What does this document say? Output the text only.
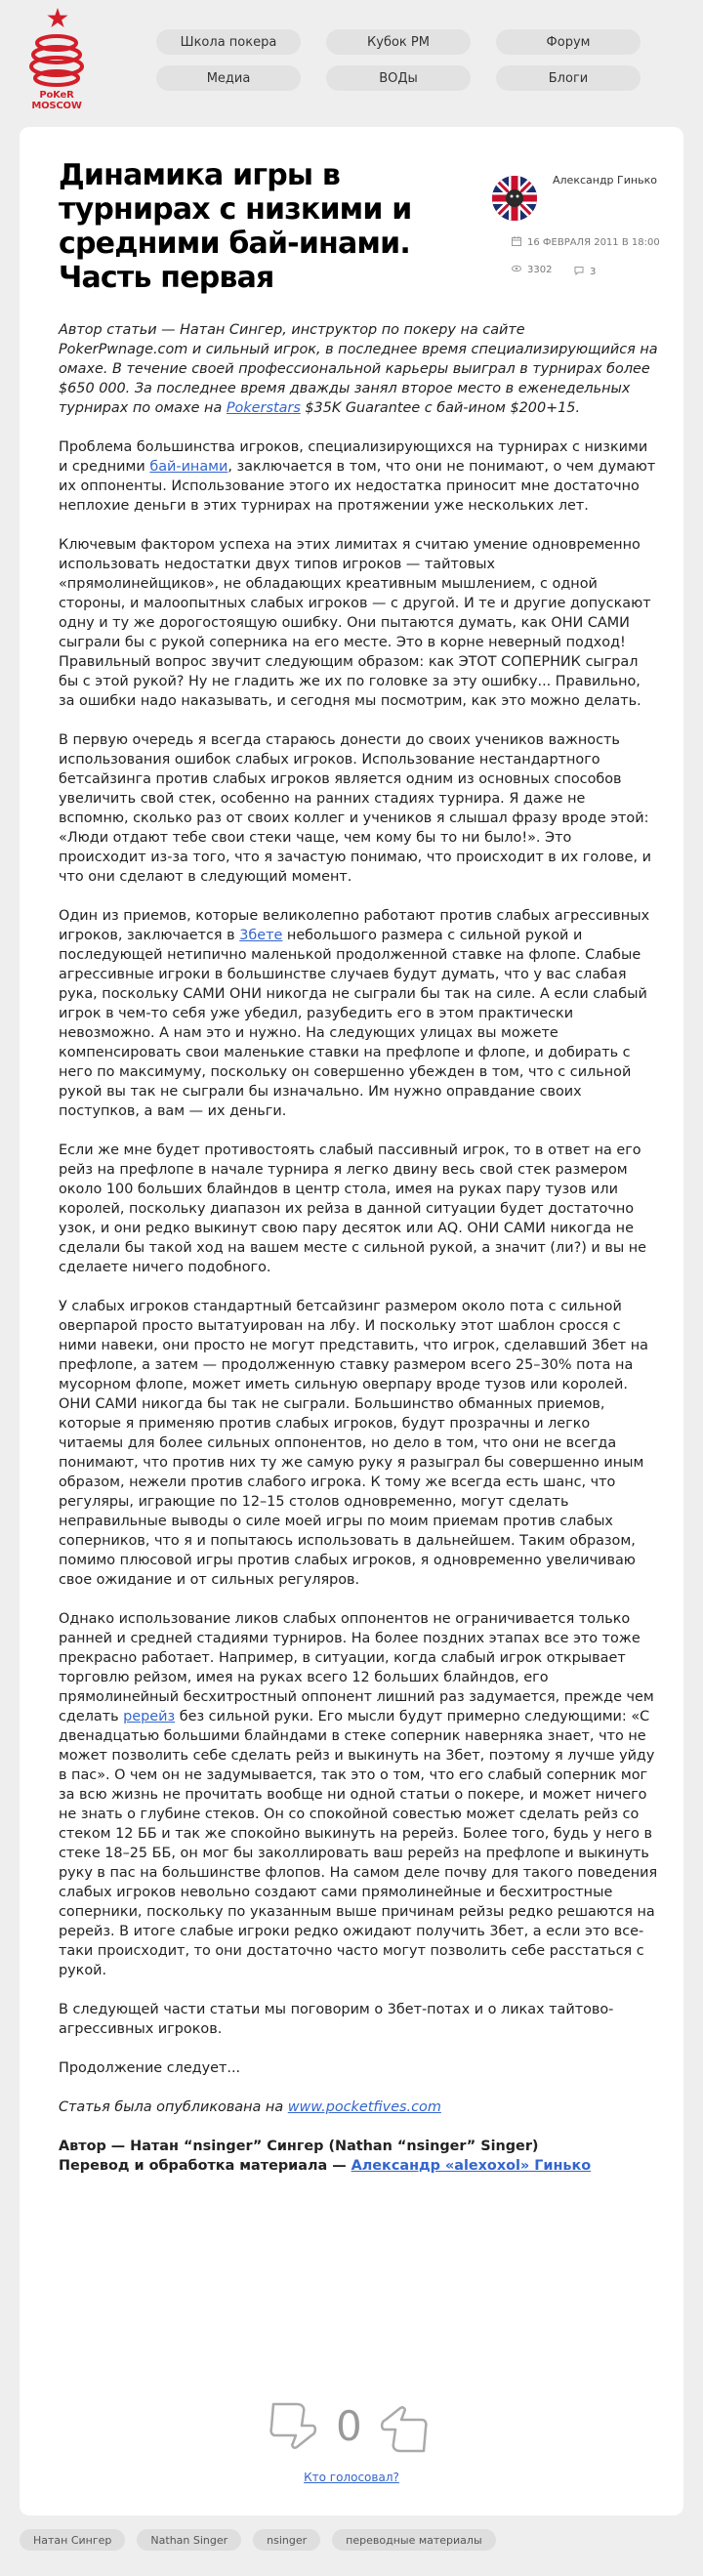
PoKeR
MOSCOW
Школа покера	Кубок PM	Форум
Медиа	ВОДы	Блоги
Динамика игры в турнирах с низкими и средними бай-инами. Часть первая
Александр Гинько
16 ФЕВРАЛЯ 2011 В 18:00
3302	3

Автор статьи — Натан Сингер, инструктор по покеру на сайте PokerPwnage.com и сильный игрок, в последнее время специализирующийся на омахе. В течение своей профессиональной карьеры выиграл в турнирах более $650 000. За последнее время дважды занял второе место в еженедельных турнирах по омахе на Pokerstars $35K Guarantee с бай-ином $200+15.

Проблема большинства игроков, специализирующихся на турнирах с низкими и средними бай-инами, заключается в том, что они не понимают, о чем думают их оппоненты. Использование этого их недостатка приносит мне достаточно неплохие деньги в этих турнирах на протяжении уже нескольких лет.

Ключевым фактором успеха на этих лимитах я считаю умение одновременно использовать недостатки двух типов игроков — тайтовых «прямолинейщиков», не обладающих креативным мышлением, с одной стороны, и малоопытных слабых игроков — с другой. И те и другие допускают одну и ту же дорогостоящую ошибку. Они пытаются думать, как ОНИ САМИ сыграли бы с рукой соперника на его месте. Это в корне неверный подход! Правильный вопрос звучит следующим образом: как ЭТОТ СОПЕРНИК сыграл бы с этой рукой? Ну не гладить же их по головке за эту ошибку... Правильно, за ошибки надо наказывать, и сегодня мы посмотрим, как это можно делать.

В первую очередь я всегда стараюсь донести до своих учеников важность использования ошибок слабых игроков. Использование нестандартного бетсайзинга против слабых игроков является одним из основных способов увеличить свой стек, особенно на ранних стадиях турнира. Я даже не вспомню, сколько раз от своих коллег и учеников я слышал фразу вроде этой: «Люди отдают тебе свои стеки чаще, чем кому бы то ни было!». Это происходит из-за того, что я зачастую понимаю, что происходит в их голове, и что они сделают в следующий момент.

Один из приемов, которые великолепно работают против слабых агрессивных игроков, заключается в 3бете небольшого размера с сильной рукой и последующей нетипично маленькой продолженной ставке на флопе. Слабые агрессивные игроки в большинстве случаев будут думать, что у вас слабая рука, поскольку САМИ ОНИ никогда не сыграли бы так на силе. А если слабый игрок в чем-то себя уже убедил, разубедить его в этом практически невозможно. А нам это и нужно. На следующих улицах вы можете компенсировать свои маленькие ставки на префлопе и флопе, и добирать с него по максимуму, поскольку он совершенно убежден в том, что с сильной рукой вы так не сыграли бы изначально. Им нужно оправдание своих поступков, а вам — их деньги.

Если же мне будет противостоять слабый пассивный игрок, то в ответ на его рейз на префлопе в начале турнира я легко двину весь свой стек размером около 100 больших блайндов в центр стола, имея на руках пару тузов или королей, поскольку диапазон их рейза в данной ситуации будет достаточно узок, и они редко выкинут свою пару десяток или AQ. ОНИ САМИ никогда не сделали бы такой ход на вашем месте с сильной рукой, а значит (ли?) и вы не сделаете ничего подобного.

У слабых игроков стандартный бетсайзинг размером около пота с сильной оверпарой просто вытатуирован на лбу. И поскольку этот шаблон сросся с ними навеки, они просто не могут представить, что игрок, сделавший 3бет на префлопе, а затем — продолженную ставку размером всего 25–30% пота на мусорном флопе, может иметь сильную оверпару вроде тузов или королей. ОНИ САМИ никогда бы так не сыграли. Большинство обманных приемов, которые я применяю против слабых игроков, будут прозрачны и легко читаемы для более сильных оппонентов, но дело в том, что они не всегда понимают, что против них ту же самую руку я разыграл бы совершенно иным образом, нежели против слабого игрока. К тому же всегда есть шанс, что регуляры, играющие по 12–15 столов одновременно, могут сделать неправильные выводы о силе моей игры по моим приемам против слабых соперников, что я и попытаюсь использовать в дальнейшем. Таким образом, помимо плюсовой игры против слабых игроков, я одновременно увеличиваю свое ожидание и от сильных регуляров.

Однако использование ликов слабых оппонентов не ограничивается только ранней и средней стадиями турниров. На более поздних этапах все это тоже прекрасно работает. Например, в ситуации, когда слабый игрок открывает торговлю рейзом, имея на руках всего 12 больших блайндов, его прямолинейный бесхитростный оппонент лишний раз задумается, прежде чем сделать ререйз без сильной руки. Его мысли будут примерно следующими: «С двенадцатью большими блайндами в стеке соперник наверняка знает, что не может позволить себе сделать рейз и выкинуть на 3бет, поэтому я лучше уйду в пас». О чем он не задумывается, так это о том, что его слабый соперник мог за всю жизнь не прочитать вообще ни одной статьи о покере, и может ничего не знать о глубине стеков. Он со спокойной совестью может сделать рейз со стеком 12 ББ и так же спокойно выкинуть на ререйз. Более того, будь у него в стеке 18–25 ББ, он мог бы заколлировать ваш ререйз на префлопе и выкинуть руку в пас на большинстве флопов. На самом деле почву для такого поведения слабых игроков невольно создают сами прямолинейные и бесхитростные соперники, поскольку по указанным выше причинам рейзы редко решаются на ререйз. В итоге слабые игроки редко ожидают получить 3бет, а если это все-таки происходит, то они достаточно часто могут позволить себе расстаться с рукой.

В следующей части статьи мы поговорим о 3бет-потах и о ликах тайтово-агрессивных игроков.

Продолжение следует...

Статья была опубликована на www.pocketfives.com

Автор — Натан “nsinger” Сингер (Nathan “nsinger” Singer)

Перевод и обработка материала — Александр «alexoxol» Гинько

0
Кто голосовал?
Натан Сингер	Nathan Singer	nsinger	переводные материалы
